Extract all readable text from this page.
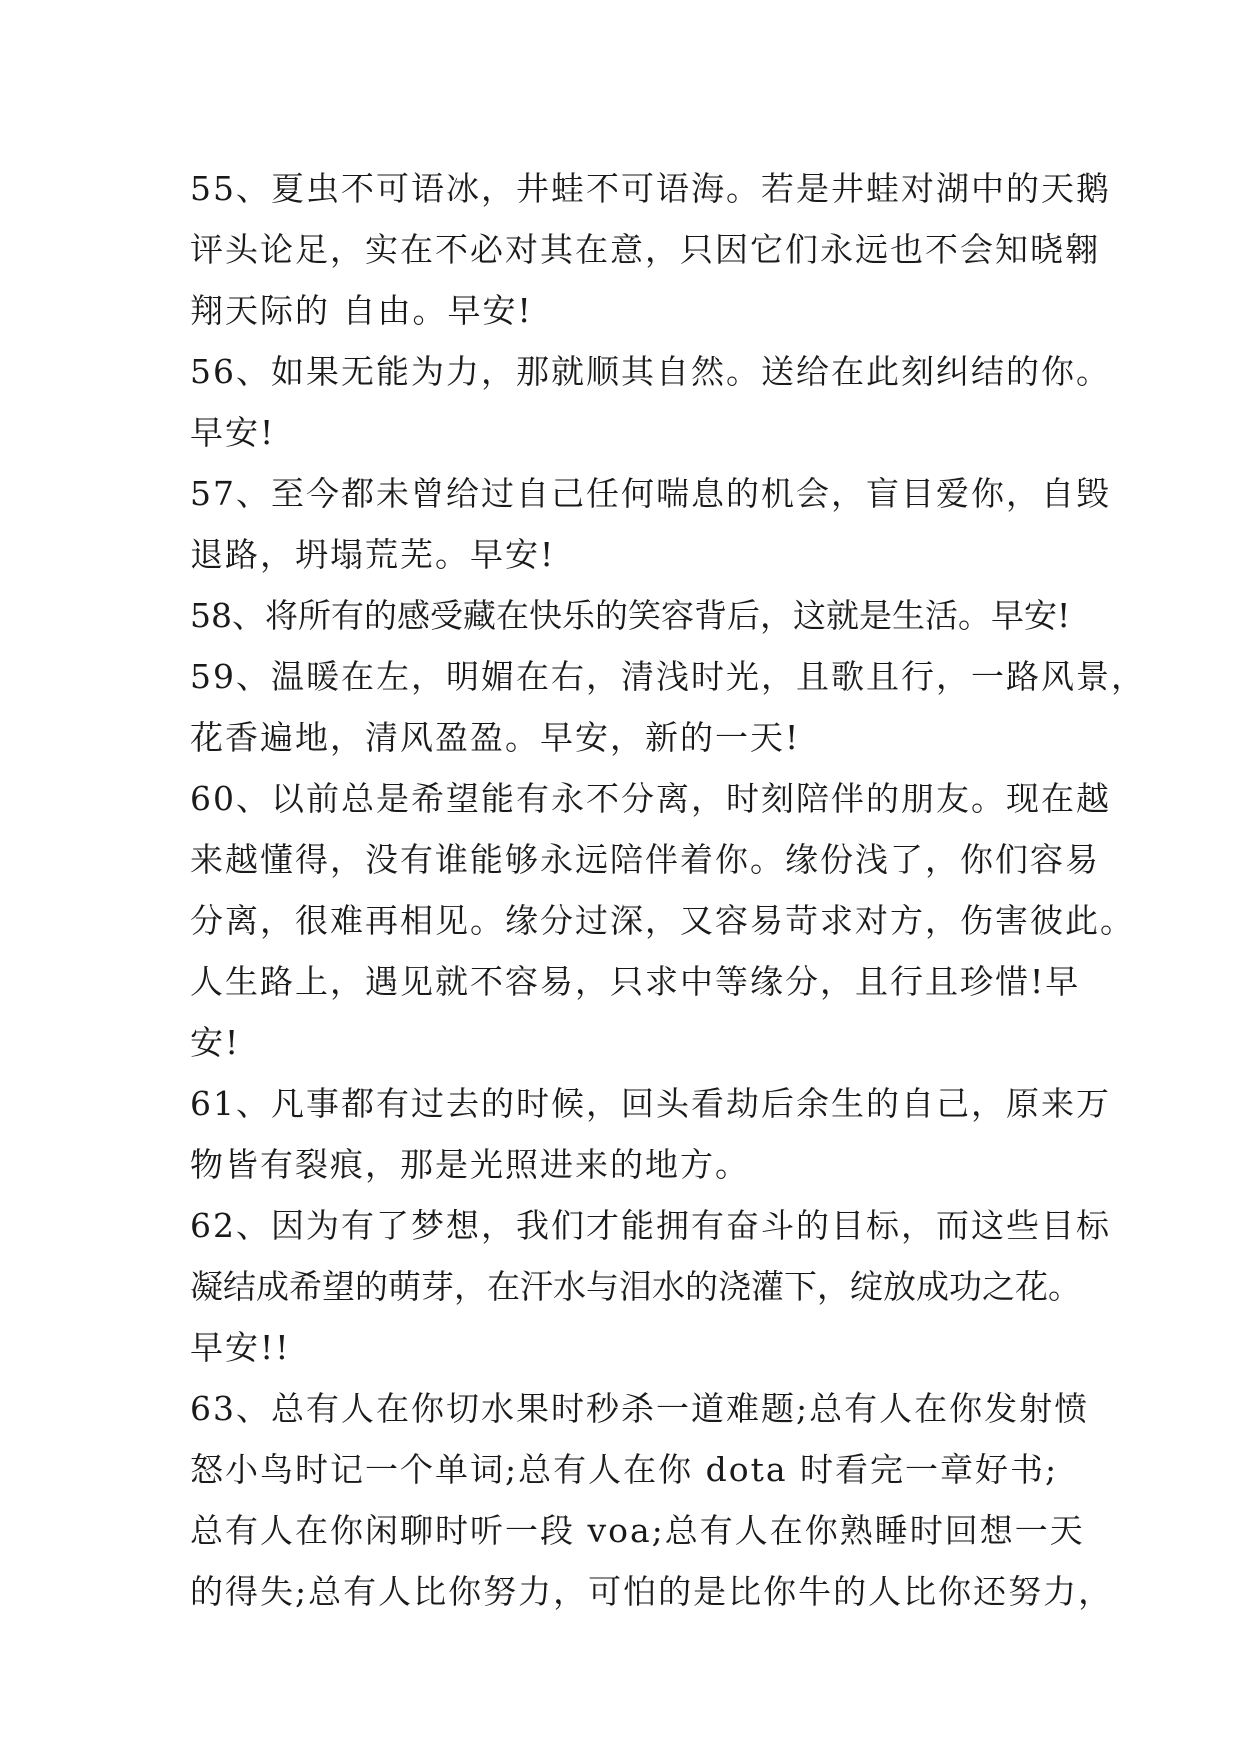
55、夏虫不可语冰，井蛙不可语海。若是井蛙对湖中的天鹅
评头论足，实在不必对其在意，只因它们永远也不会知晓翱
翔天际的 自由。早安!
56、如果无能为力，那就顺其自然。送给在此刻纠结的你。
早安!
57、至今都未曾给过自己任何喘息的机会，盲目爱你，自毁
退路，坍塌荒芜。早安!
58、将所有的感受藏在快乐的笑容背后，这就是生活。早安!
59、温暖在左，明媚在右，清浅时光，且歌且行，一路风景，
花香遍地，清风盈盈。早安，新的一天!
60、以前总是希望能有永不分离，时刻陪伴的朋友。现在越
来越懂得，没有谁能够永远陪伴着你。缘份浅了，你们容易
分离，很难再相见。缘分过深，又容易苛求对方，伤害彼此。
人生路上，遇见就不容易，只求中等缘分，且行且珍惜!早
安!
61、凡事都有过去的时候，回头看劫后余生的自己，原来万
物皆有裂痕，那是光照进来的地方。
62、因为有了梦想，我们才能拥有奋斗的目标，而这些目标
凝结成希望的萌芽，在汗水与泪水的浇灌下，绽放成功之花。
早安!!
63、总有人在你切水果时秒杀一道难题;总有人在你发射愤
怒小鸟时记一个单词;总有人在你 dota 时看完一章好书;
总有人在你闲聊时听一段 voa;总有人在你熟睡时回想一天
的得失;总有人比你努力，可怕的是比你牛的人比你还努力，
